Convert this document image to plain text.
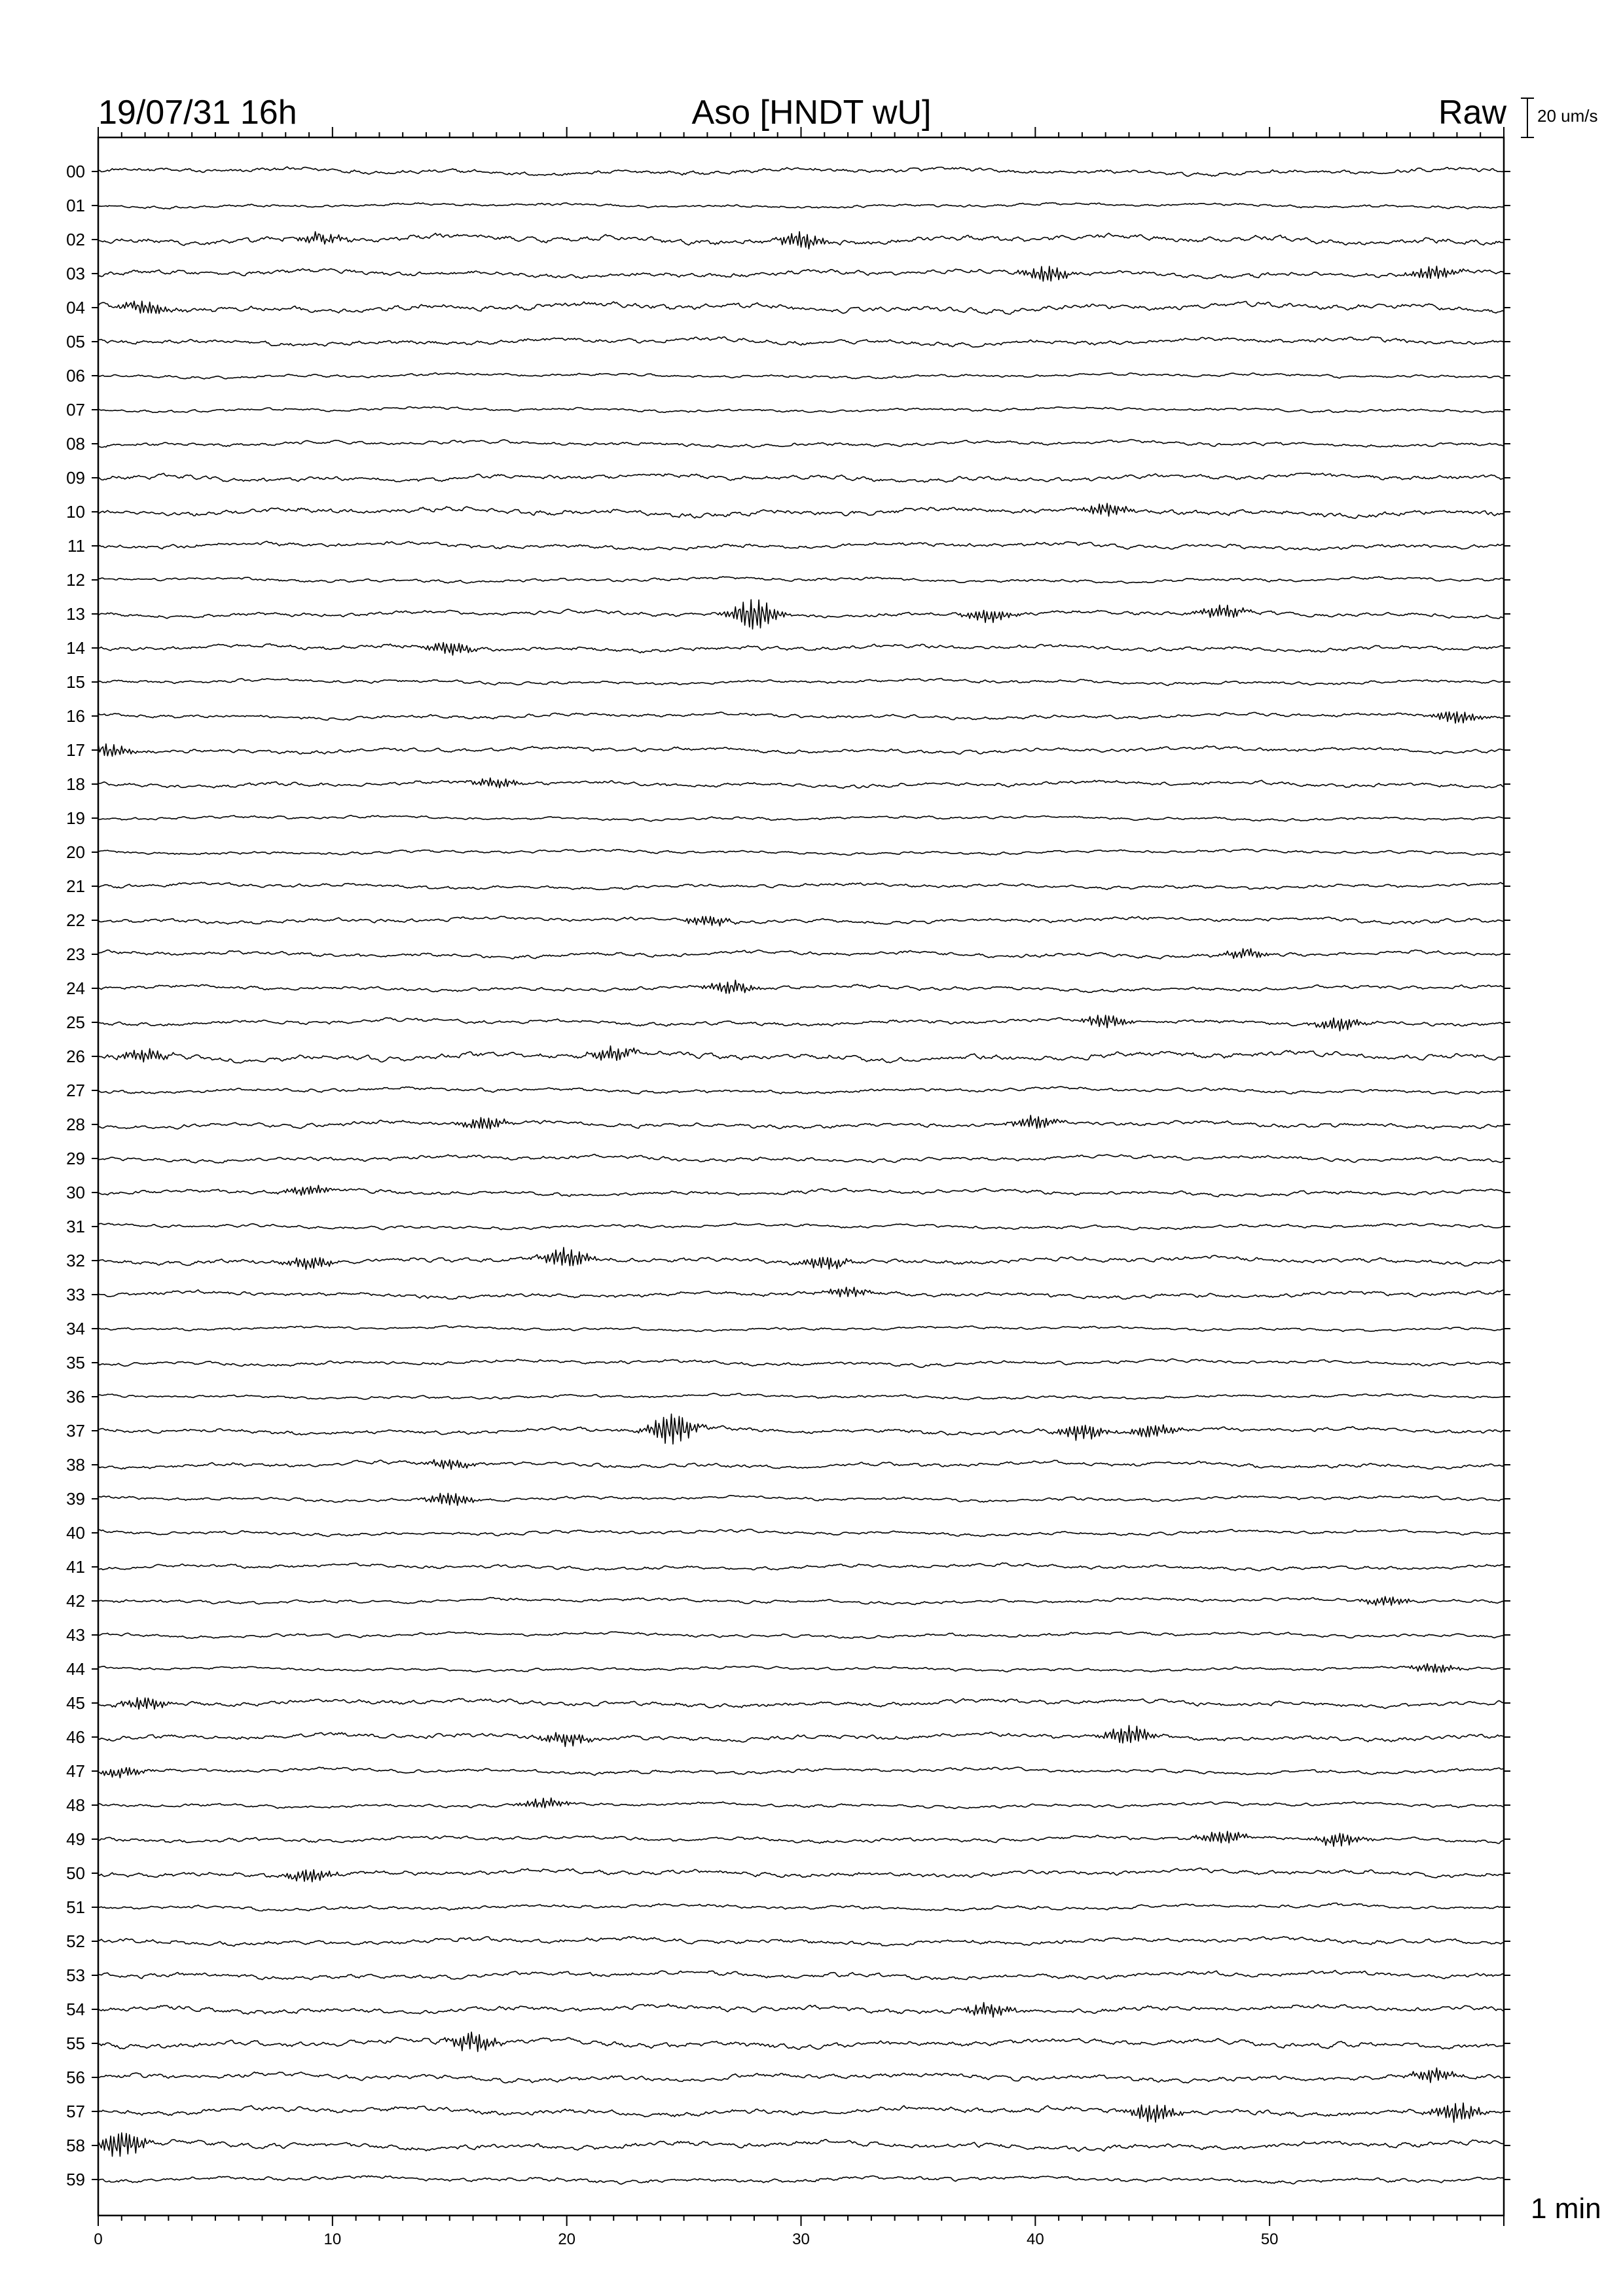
19/07/31 16h	Aso [HNDT wU]	Raw 20 um/s
1 min
00
01
02
03
04
05
06
07
08
09
10
11
12
13
14
15
16
17
18
19
20
21
22
23
24
25
26
27
28
29
30
31
32
33
34
35
36
37
38
39
40
41
42
43
44
45
46
47
48
49
50
51
52
53
54
55
56
57
58
59
0	10	20	30	40	50
